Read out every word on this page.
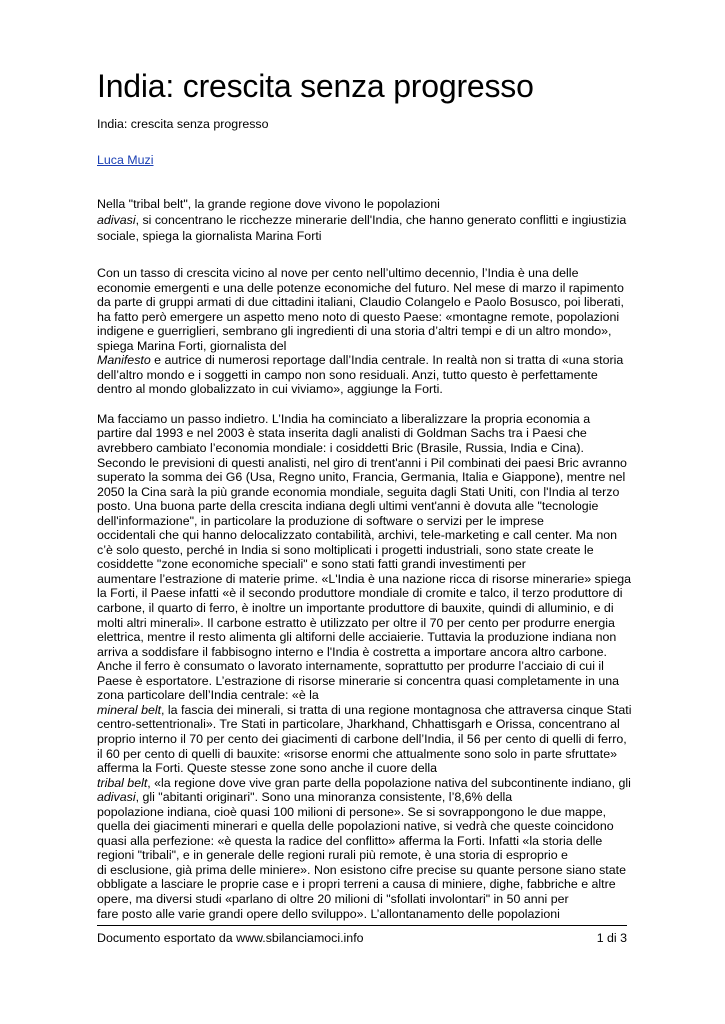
India: crescita senza progresso
India: crescita senza progresso
Luca Muzi
Nella "tribal belt", la grande regione dove vivono le popolazioni
adivasi, si concentrano le ricchezze minerarie dell'India, che hanno generato conflitti e ingiustizia
sociale, spiega la giornalista Marina Forti
Con un tasso di crescita vicino al nove per cento nell’ultimo decennio, l’India è una delle
economie emergenti e una delle potenze economiche del futuro. Nel mese di marzo il rapimento
da parte di gruppi armati di due cittadini italiani, Claudio Colangelo e Paolo Bosusco, poi liberati,
ha fatto però emergere un aspetto meno noto di questo Paese: «montagne remote, popolazioni
indigene e guerriglieri, sembrano gli ingredienti di una storia d’altri tempi e di un altro mondo»,
spiega Marina Forti, giornalista del
Manifesto e autrice di numerosi reportage dall’India centrale. In realtà non si tratta di «una storia
dell’altro mondo e i soggetti in campo non sono residuali. Anzi, tutto questo è perfettamente
dentro al mondo globalizzato in cui viviamo», aggiunge la Forti.
Ma facciamo un passo indietro. L’India ha cominciato a liberalizzare la propria economia a
partire dal 1993 e nel 2003 è stata inserita dagli analisti di Goldman Sachs tra i Paesi che
avrebbero cambiato l’economia mondiale: i cosiddetti Bric (Brasile, Russia, India e Cina).
Secondo le previsioni di questi analisti, nel giro di trent'anni i Pil combinati dei paesi Bric avranno
superato la somma dei G6 (Usa, Regno unito, Francia, Germania, Italia e Giappone), mentre nel
2050 la Cina sarà la più grande economia mondiale, seguita dagli Stati Uniti, con l'India al terzo
posto. Una buona parte della crescita indiana degli ultimi vent'anni è dovuta alle "tecnologie
dell'informazione", in particolare la produzione di software o servizi per le imprese
occidentali che qui hanno delocalizzato contabilità, archivi, tele-marketing e call center. Ma non
c’è solo questo, perché in India si sono moltiplicati i progetti industriali, sono state create le
cosiddette "zone economiche speciali" e sono stati fatti grandi investimenti per
aumentare l’estrazione di materie prime. «L'India è una nazione ricca di risorse minerarie» spiega
la Forti, il Paese infatti «è il secondo produttore mondiale di cromite e talco, il terzo produttore di
carbone, il quarto di ferro, è inoltre un importante produttore di bauxite, quindi di alluminio, e di
molti altri minerali». Il carbone estratto è utilizzato per oltre il 70 per cento per produrre energia
elettrica, mentre il resto alimenta gli altiforni delle acciaierie. Tuttavia la produzione indiana non
arriva a soddisfare il fabbisogno interno e l'India è costretta a importare ancora altro carbone.
Anche il ferro è consumato o lavorato internamente, soprattutto per produrre l’acciaio di cui il
Paese è esportatore. L’estrazione di risorse minerarie si concentra quasi completamente in una
zona particolare dell’India centrale: «è la
mineral belt, la fascia dei minerali, si tratta di una regione montagnosa che attraversa cinque Stati
centro-settentrionali». Tre Stati in particolare, Jharkhand, Chhattisgarh e Orissa, concentrano al
proprio interno il 70 per cento dei giacimenti di carbone dell’India, il 56 per cento di quelli di ferro,
il 60 per cento di quelli di bauxite: «risorse enormi che attualmente sono solo in parte sfruttate»
afferma la Forti. Queste stesse zone sono anche il cuore della
tribal belt, «la regione dove vive gran parte della popolazione nativa del subcontinente indiano, gli
adivasi, gli "abitanti originari". Sono una minoranza consistente, l’8,6% della
popolazione indiana, cioè quasi 100 milioni di persone». Se si sovrappongono le due mappe,
quella dei giacimenti minerari e quella delle popolazioni native, si vedrà che queste coincidono
quasi alla perfezione: «è questa la radice del conflitto» afferma la Forti. Infatti «la storia delle
regioni "tribali", e in generale delle regioni rurali più remote, è una storia di esproprio e
di esclusione, già prima delle miniere». Non esistono cifre precise su quante persone siano state
obbligate a lasciare le proprie case e i propri terreni a causa di miniere, dighe, fabbriche e altre
opere, ma diversi studi «parlano di oltre 20 milioni di "sfollati involontari" in 50 anni per
fare posto alle varie grandi opere dello sviluppo». L’allontanamento delle popolazioni
Documento esportato da www.sbilanciamoci.info	1 di 3
